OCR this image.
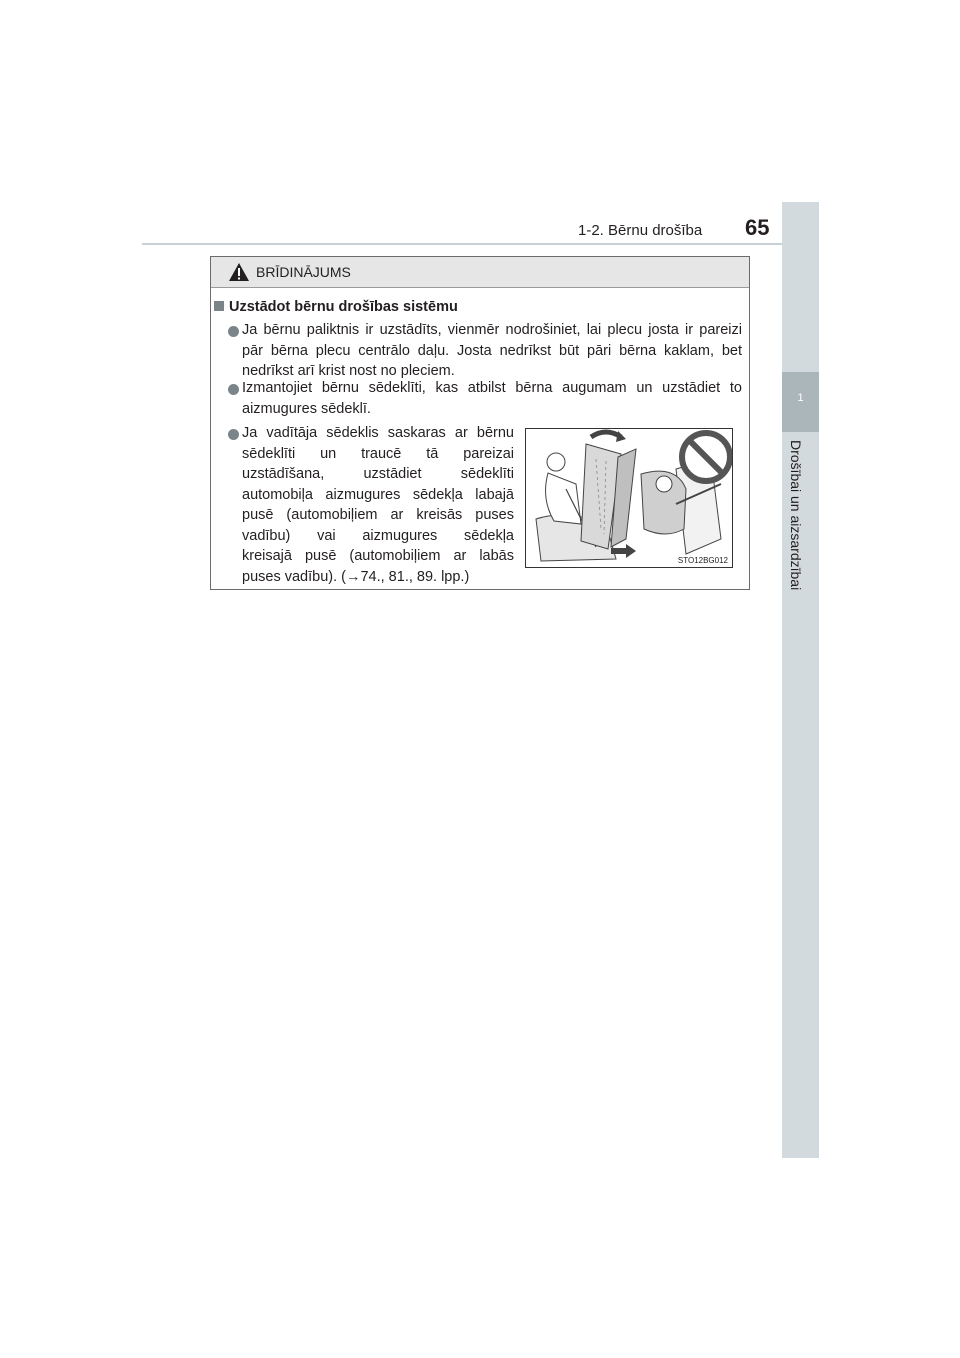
1-2. Bērnu drošība 65
1
Drošībai un aizsardzībai
BRĪDINĀJUMS
Uzstādot bērnu drošības sistēmu
Ja bērnu paliktnis ir uzstādīts, vienmēr nodrošiniet, lai plecu josta ir pareizi
pār bērna plecu centrālo daļu. Josta nedrīkst būt pāri bērna kaklam, bet
nedrīkst arī krist nost no pleciem.
Izmantojiet bērnu sēdeklīti, kas atbilst bērna augumam un uzstādiet to
aizmugures sēdeklī.
Ja vadītāja sēdeklis saskaras ar bērnu
sēdeklīti un traucē tā pareizai
uzstādīšana, uzstādiet sēdeklīti
automobiļa aizmugures sēdekļa labajā
pusē (automobiļiem ar kreisās puses
vadību) vai aizmugures sēdekļa
kreisajā pusē (automobiļiem ar labās
puses vadību). (→74., 81., 89. lpp.)
STO12BG012
